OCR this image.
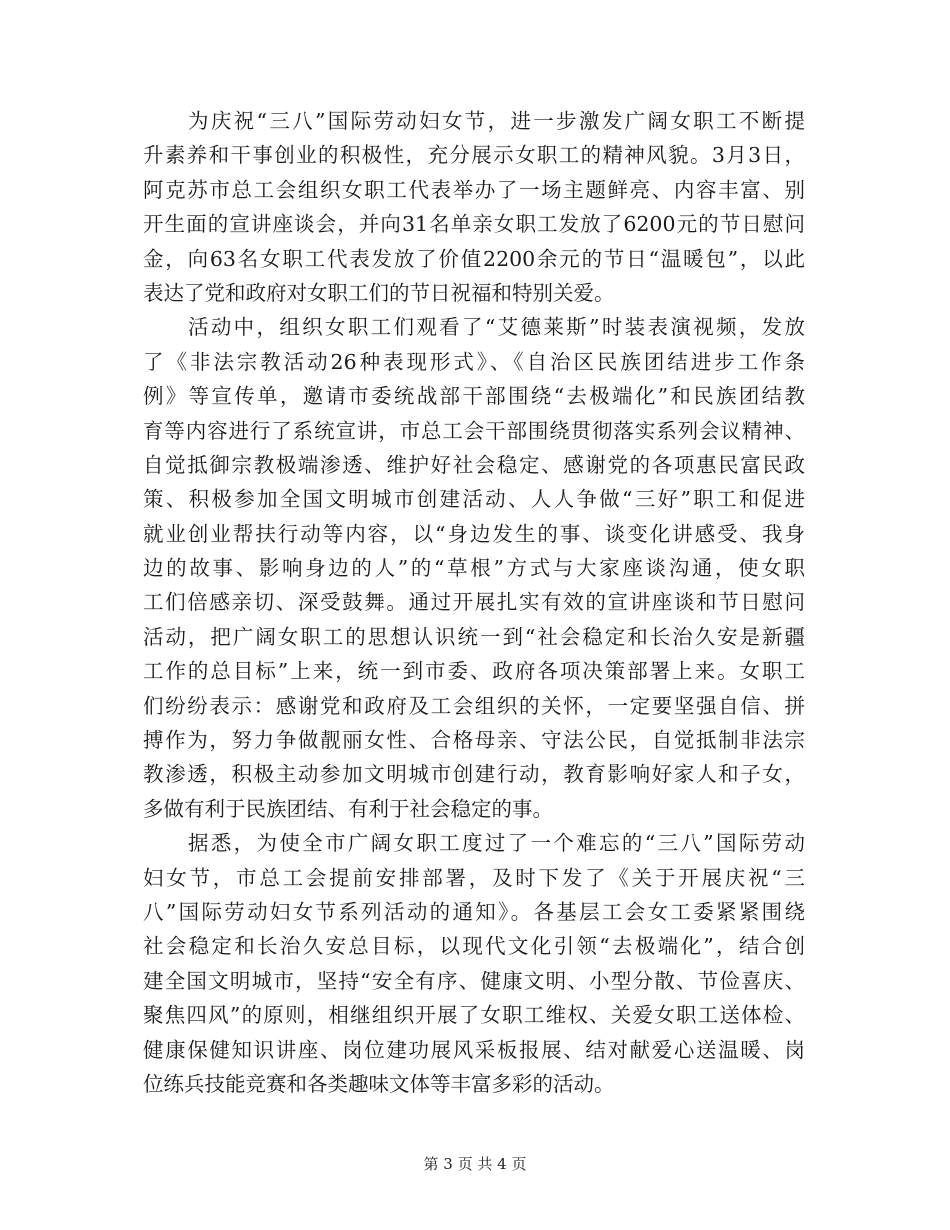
为庆祝“三八”国际劳动妇女节，进一步激发广阔女职工不断提
升素养和干事创业的积极性，充分展示女职工的精神风貌。3月3日，
阿克苏市总工会组织女职工代表举办了一场主题鲜亮、内容丰富、别
开生面的宣讲座谈会，并向31名单亲女职工发放了6200元的节日慰问
金，向63名女职工代表发放了价值2200余元的节日“温暖包”，以此
表达了党和政府对女职工们的节日祝福和特别关爱。
活动中，组织女职工们观看了“艾德莱斯”时装表演视频，发放
了《非法宗教活动26种表现形式》、《自治区民族团结进步工作条
例》等宣传单，邀请市委统战部干部围绕“去极端化”和民族团结教
育等内容进行了系统宣讲，市总工会干部围绕贯彻落实系列会议精神、
自觉抵御宗教极端渗透、维护好社会稳定、感谢党的各项惠民富民政
策、积极参加全国文明城市创建活动、人人争做“三好”职工和促进
就业创业帮扶行动等内容，以“身边发生的事、谈变化讲感受、我身
边的故事、影响身边的人”的“草根”方式与大家座谈沟通，使女职
工们倍感亲切、深受鼓舞。通过开展扎实有效的宣讲座谈和节日慰问
活动，把广阔女职工的思想认识统一到“社会稳定和长治久安是新疆
工作的总目标”上来，统一到市委、政府各项决策部署上来。女职工
们纷纷表示：感谢党和政府及工会组织的关怀，一定要坚强自信、拼
搏作为，努力争做靓丽女性、合格母亲、守法公民，自觉抵制非法宗
教渗透，积极主动参加文明城市创建行动，教育影响好家人和子女，
多做有利于民族团结、有利于社会稳定的事。
据悉，为使全市广阔女职工度过了一个难忘的“三八”国际劳动
妇女节，市总工会提前安排部署，及时下发了《关于开展庆祝“三
八”国际劳动妇女节系列活动的通知》。各基层工会女工委紧紧围绕
社会稳定和长治久安总目标，以现代文化引领“去极端化”，结合创
建全国文明城市，坚持“安全有序、健康文明、小型分散、节俭喜庆、
聚焦四风”的原则，相继组织开展了女职工维权、关爱女职工送体检、
健康保健知识讲座、岗位建功展风采板报展、结对献爱心送温暖、岗
位练兵技能竞赛和各类趣味文体等丰富多彩的活动。
第 3 页 共 4 页
